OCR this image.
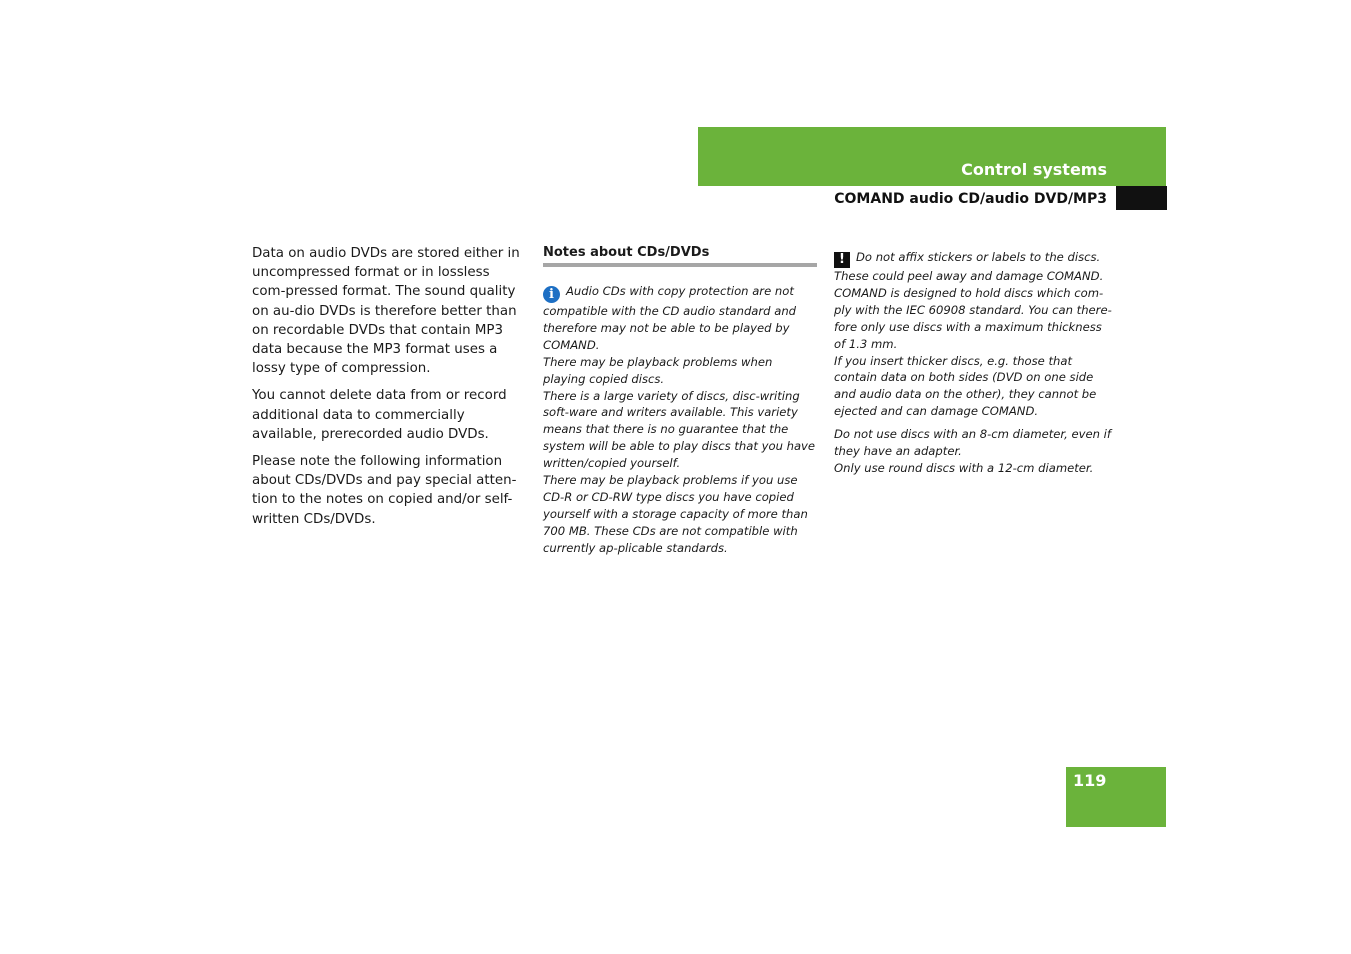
Control systems
COMAND audio CD/audio DVD/MP3

Data on audio DVDs are stored either in uncompressed format or in lossless com-pressed format. The sound quality on au-dio DVDs is therefore better than on recordable DVDs that contain MP3 data because the MP3 format uses a lossy type of compression.

You cannot delete data from or record additional data to commercially available, prerecorded audio DVDs.

Please note the following information about CDs/DVDs and pay special atten-tion to the notes on copied and/or self-written CDs/DVDs.

Notes about CDs/DVDs

i Audio CDs with copy protection are not compatible with the CD audio standard and therefore may not be able to be played by COMAND.

There may be playback problems when playing copied discs.

There is a large variety of discs, disc-writing soft-ware and writers available. This variety means that there is no guarantee that the system will be able to play discs that you have written/copied yourself.

There may be playback problems if you use CD-R or CD-RW type discs you have copied yourself with a storage capacity of more than 700 MB. These CDs are not compatible with currently ap-plicable standards.

! Do not affix stickers or labels to the discs. These could peel away and damage COMAND.

COMAND is designed to hold discs which com-ply with the IEC 60908 standard. You can there-fore only use discs with a maximum thickness of 1.3 mm.

If you insert thicker discs, e.g. those that contain data on both sides (DVD on one side and audio data on the other), they cannot be ejected and can damage COMAND.

Do not use discs with an 8-cm diameter, even if they have an adapter.

Only use round discs with a 12-cm diameter.

119
